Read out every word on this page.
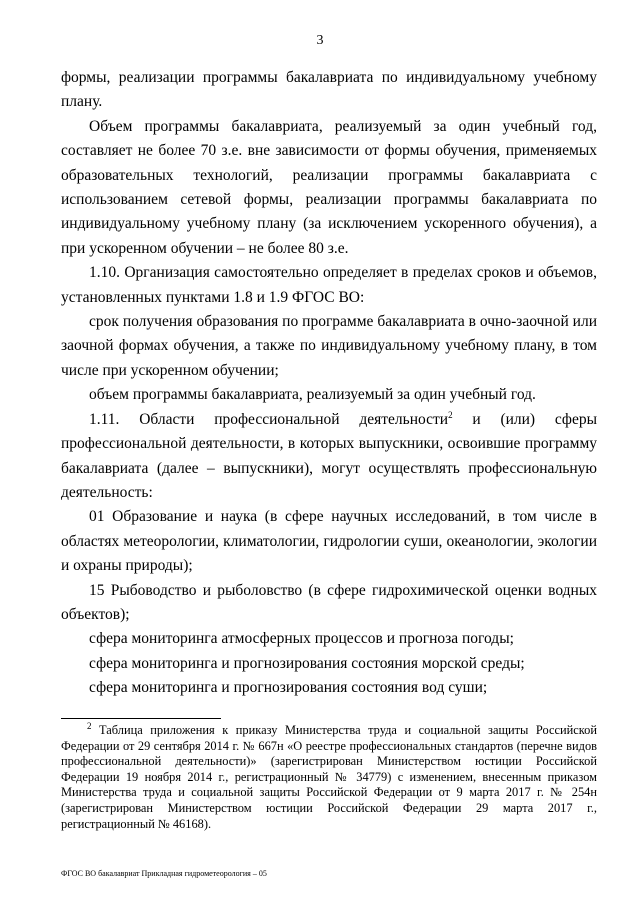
3

формы, реализации программы бакалавриата по индивидуальному учебному плану.

Объем программы бакалавриата, реализуемый за один учебный год, составляет не более 70 з.е. вне зависимости от формы обучения, применяемых образовательных технологий, реализации программы бакалавриата с использованием сетевой формы, реализации программы бакалавриата по индивидуальному учебному плану (за исключением ускоренного обучения), а при ускоренном обучении – не более 80 з.е.

1.10. Организация самостоятельно определяет в пределах сроков и объемов, установленных пунктами 1.8 и 1.9 ФГОС ВО:

срок получения образования по программе бакалавриата в очно-заочной или заочной формах обучения, а также по индивидуальному учебному плану, в том числе при ускоренном обучении;

объем программы бакалавриата, реализуемый за один учебный год.

1.11. Области профессиональной деятельности$^2$ и (или) сферы профессиональной деятельности, в которых выпускники, освоившие программу бакалавриата (далее – выпускники), могут осуществлять профессиональную деятельность:

01 Образование и наука (в сфере научных исследований, в том числе в областях метеорологии, климатологии, гидрологии суши, океанологии, экологии и охраны природы);

15 Рыбоводство и рыболовство (в сфере гидрохимической оценки водных объектов);

сфера мониторинга атмосферных процессов и прогноза погоды;

сфера мониторинга и прогнозирования состояния морской среды;

сфера мониторинга и прогнозирования состояния вод суши;

$^2$ Таблица приложения к приказу Министерства труда и социальной защиты Российской Федерации от 29 сентября 2014 г. № 667н «О реестре профессиональных стандартов (перечне видов профессиональной деятельности)» (зарегистрирован Министерством юстиции Российской Федерации 19 ноября 2014 г., регистрационный № 34779) с изменением, внесенным приказом Министерства труда и социальной защиты Российской Федерации от 9 марта 2017 г. № 254н (зарегистрирован Министерством юстиции Российской Федерации 29 марта 2017 г., регистрационный № 46168).

ФГОС ВО бакалавриат Прикладная гидрометеорология – 05
